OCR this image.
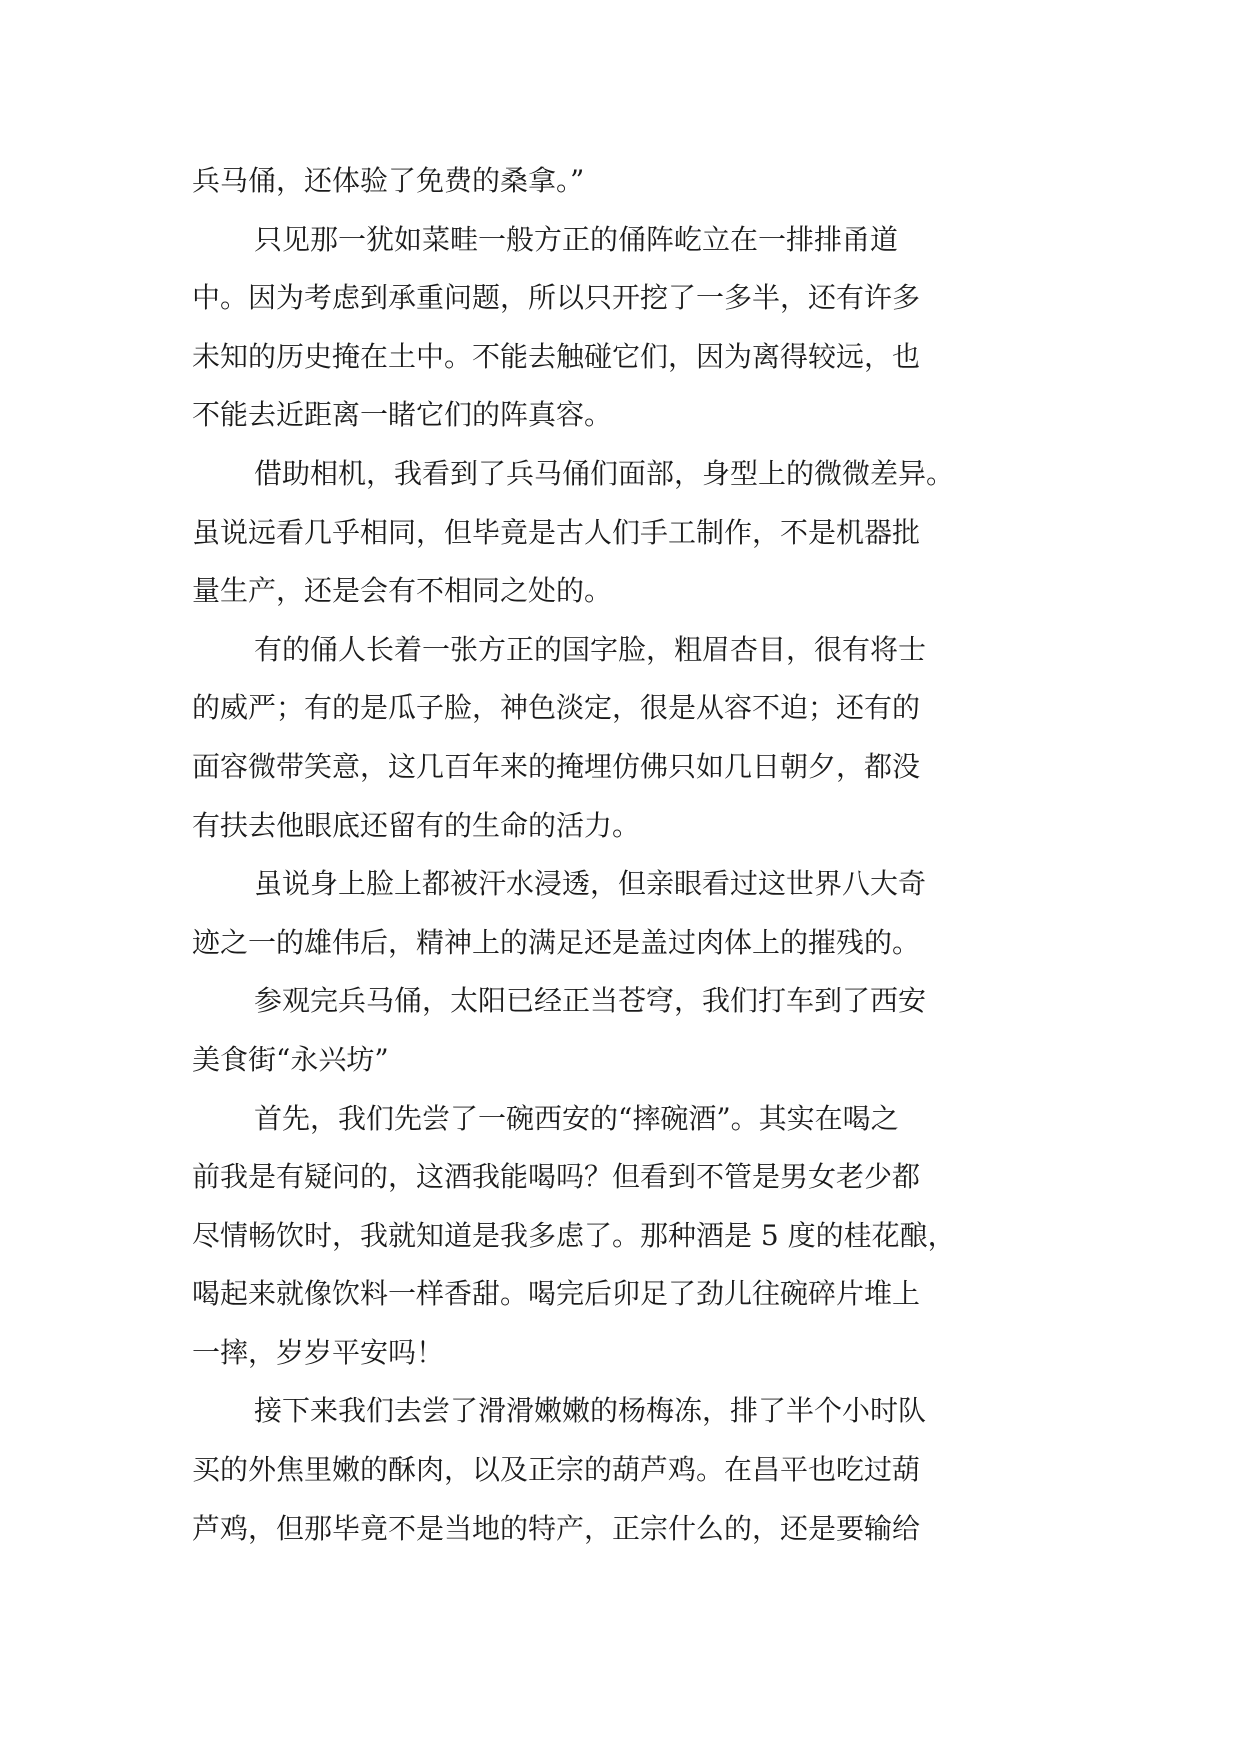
兵马俑，还体验了免费的桑拿。”
只见那一犹如菜畦一般方正的俑阵屹立在一排排甬道
中。因为考虑到承重问题，所以只开挖了一多半，还有许多
未知的历史掩在土中。不能去触碰它们，因为离得较远，也
不能去近距离一睹它们的阵真容。
借助相机，我看到了兵马俑们面部，身型上的微微差异。
虽说远看几乎相同，但毕竟是古人们手工制作，不是机器批
量生产，还是会有不相同之处的。
有的俑人长着一张方正的国字脸，粗眉杏目，很有将士
的威严；有的是瓜子脸，神色淡定，很是从容不迫；还有的
面容微带笑意，这几百年来的掩埋仿佛只如几日朝夕，都没
有扶去他眼底还留有的生命的活力。
虽说身上脸上都被汗水浸透，但亲眼看过这世界八大奇
迹之一的雄伟后，精神上的满足还是盖过肉体上的摧残的。
参观完兵马俑，太阳已经正当苍穹，我们打车到了西安
美食街“永兴坊”
首先，我们先尝了一碗西安的“摔碗酒”。其实在喝之
前我是有疑问的，这酒我能喝吗？但看到不管是男女老少都
尽情畅饮时，我就知道是我多虑了。那种酒是 5 度的桂花酿，
喝起来就像饮料一样香甜。喝完后卯足了劲儿往碗碎片堆上
一摔，岁岁平安吗！
接下来我们去尝了滑滑嫩嫩的杨梅冻，排了半个小时队
买的外焦里嫩的酥肉，以及正宗的葫芦鸡。在昌平也吃过葫
芦鸡，但那毕竟不是当地的特产，正宗什么的，还是要输给
